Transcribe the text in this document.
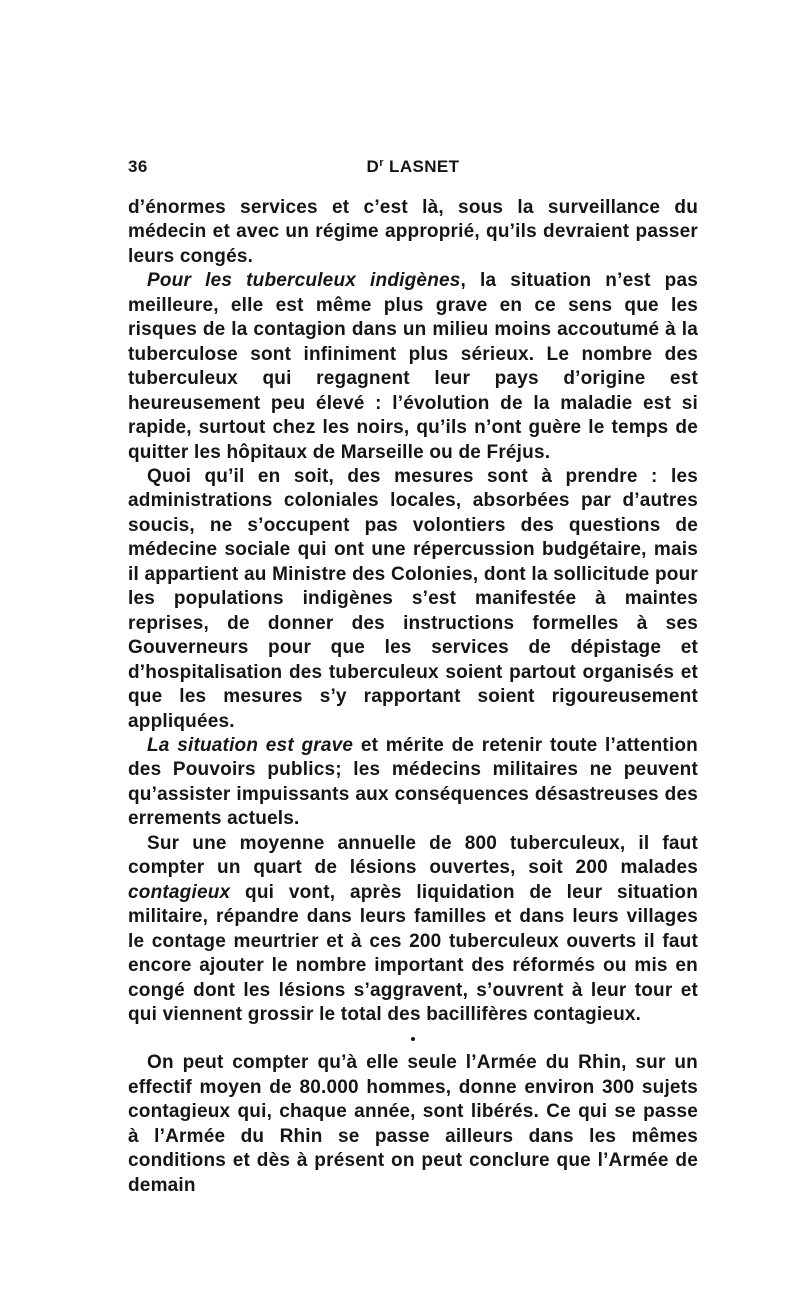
36	$D^r$ LASNET

d’énormes services et c’est là, sous la surveillance du médecin et avec un régime approprié, qu’ils devraient passer leurs congés.

Pour les tuberculeux indigènes, la situation n’est pas meilleure, elle est même plus grave en ce sens que les risques de la contagion dans un milieu moins accoutumé à la tuberculose sont infiniment plus sérieux. Le nombre des tuberculeux qui regagnent leur pays d’origine est heureusement peu élevé : l’évolution de la maladie est si rapide, surtout chez les noirs, qu’ils n’ont guère le temps de quitter les hôpitaux de Marseille ou de Fréjus.

Quoi qu’il en soit, des mesures sont à prendre : les administrations coloniales locales, absorbées par d’autres soucis, ne s’occupent pas volontiers des questions de médecine sociale qui ont une répercussion budgétaire, mais il appartient au Ministre des Colonies, dont la sollicitude pour les populations indigènes s’est manifestée à maintes reprises, de donner des instructions formelles à ses Gouverneurs pour que les services de dépistage et d’hospitalisation des tuberculeux soient partout organisés et que les mesures s’y rapportant soient rigoureusement appliquées.

La situation est grave et mérite de retenir toute l’attention des Pouvoirs publics; les médecins militaires ne peuvent qu’assister impuissants aux conséquences désastreuses des errements actuels.

Sur une moyenne annuelle de 800 tuberculeux, il faut compter un quart de lésions ouvertes, soit 200 malades contagieux qui vont, après liquidation de leur situation militaire, répandre dans leurs familles et dans leurs villages le contage meurtrier et à ces 200 tuberculeux ouverts il faut encore ajouter le nombre important des réformés ou mis en congé dont les lésions s’aggravent, s’ouvrent à leur tour et qui viennent grossir le total des bacillifères contagieux.

On peut compter qu’à elle seule l’Armée du Rhin, sur un effectif moyen de 80.000 hommes, donne environ 300 sujets contagieux qui, chaque année, sont libérés. Ce qui se passe à l’Armée du Rhin se passe ailleurs dans les mêmes conditions et dès à présent on peut conclure que l’Armée de demain
